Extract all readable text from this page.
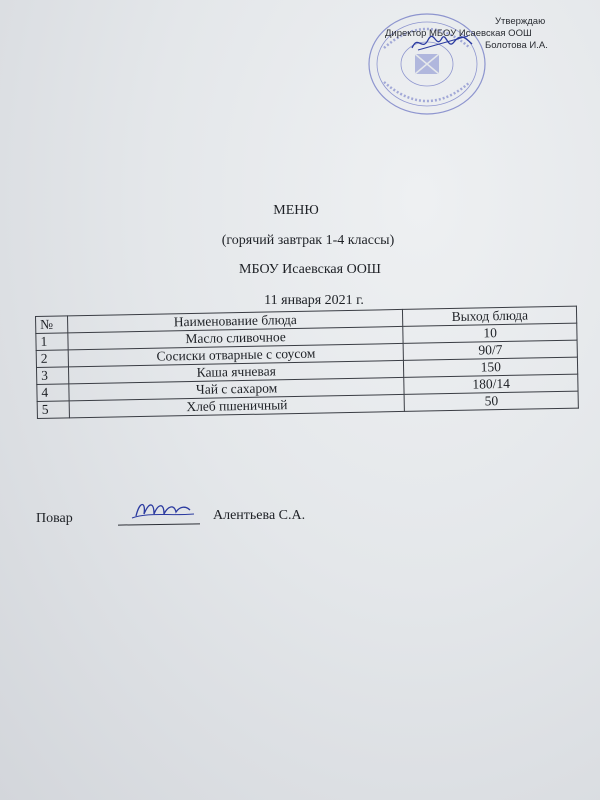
Утверждаю
Директор МБОУ Исаевская ООШ
Болотова И.А.
МЕНЮ
(горячий завтрак 1-4 классы)
МБОУ Исаевская ООШ
11 января 2021 г.
№	Наименование блюда	Выход блюда
1	Масло сливочное	10
2	Сосиски отварные с соусом	90/7
3	Каша ячневая	150
4	Чай с сахаром	180/14
5	Хлеб пшеничный	50
Повар	Алентьева С.А.
